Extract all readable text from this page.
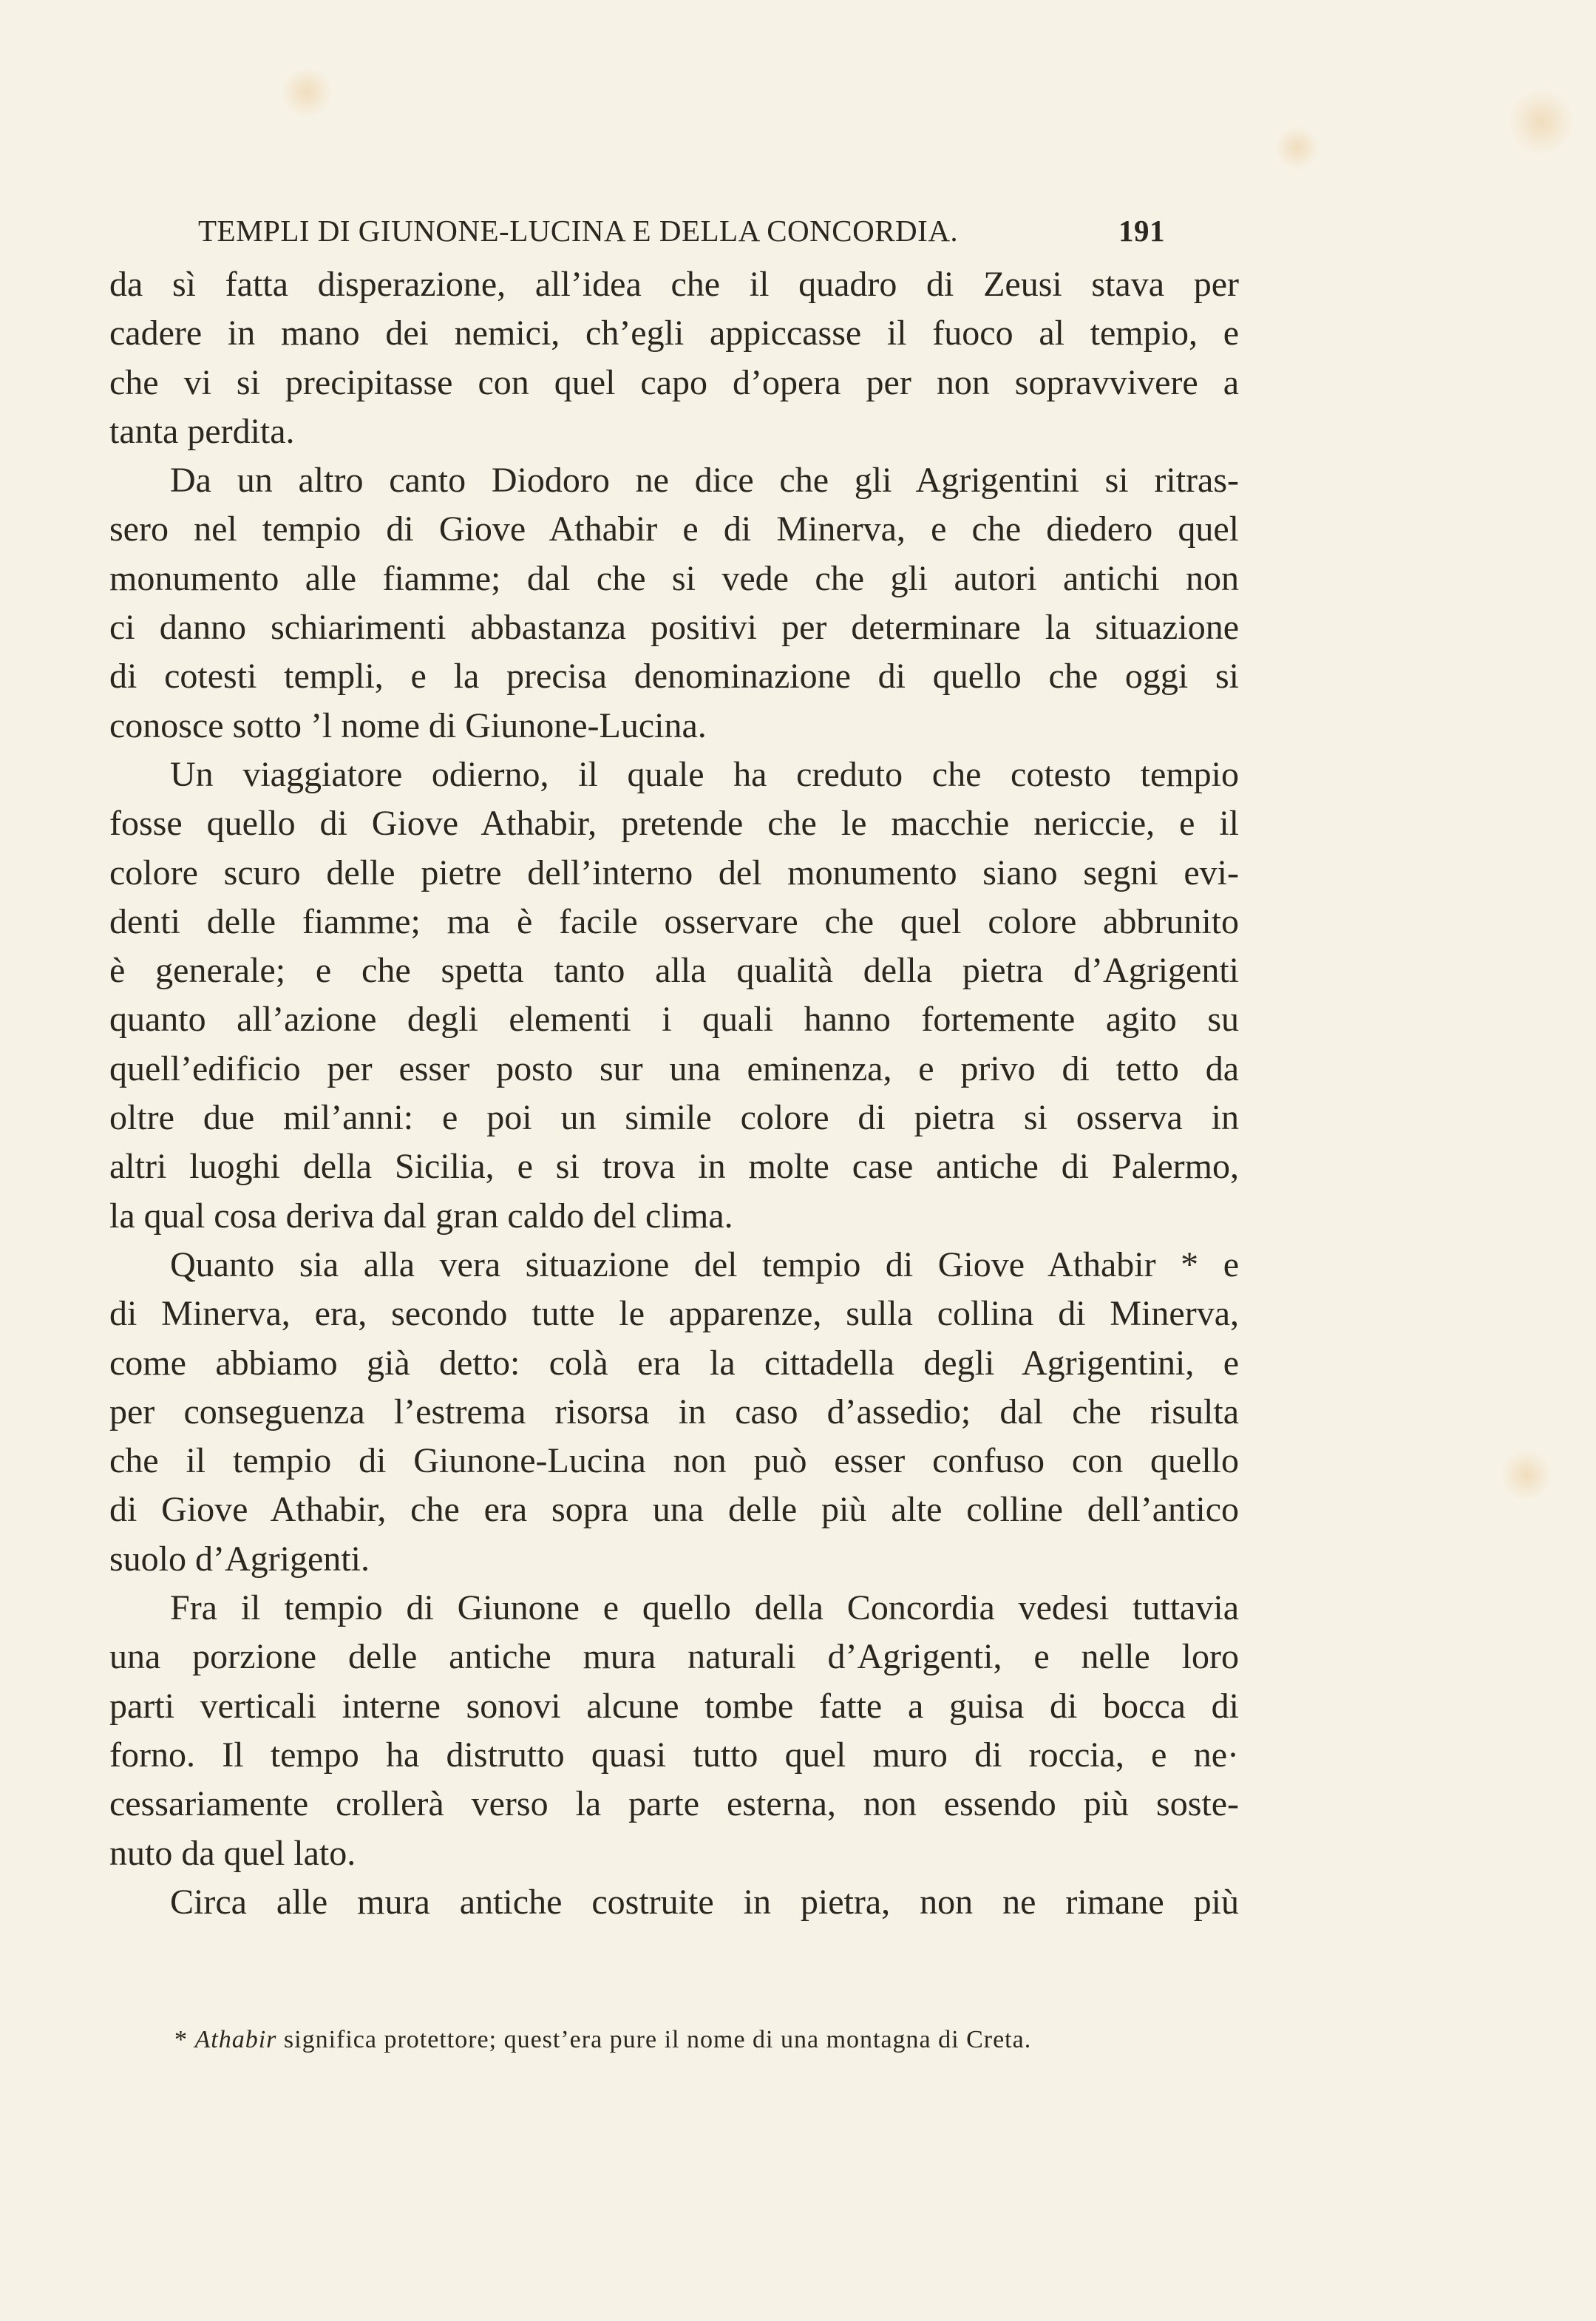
TEMPLI DI GIUNONE-LUCINA E DELLA CONCORDIA.	191
da sì fatta disperazione, all’idea che il quadro di Zeusi stava per
cadere in mano dei nemici, ch’egli appiccasse il fuoco al tempio, e
che vi si precipitasse con quel capo d’opera per non sopravvivere a
tanta perdita.
Da un altro canto Diodoro ne dice che gli Agrigentini si ritras-
sero nel tempio di Giove Athabir e di Minerva, e che diedero quel
monumento alle fiamme; dal che si vede che gli autori antichi non
ci danno schiarimenti abbastanza positivi per determinare la situazione
di cotesti templi, e la precisa denominazione di quello che oggi si
conosce sotto ’l nome di Giunone-Lucina.
Un viaggiatore odierno, il quale ha creduto che cotesto tempio
fosse quello di Giove Athabir, pretende che le macchie nericcie, e il
colore scuro delle pietre dell’interno del monumento siano segni evi-
denti delle fiamme; ma è facile osservare che quel colore abbrunito
è generale; e che spetta tanto alla qualità della pietra d’Agrigenti
quanto all’azione degli elementi i quali hanno fortemente agito su
quell’edificio per esser posto sur una eminenza, e privo di tetto da
oltre due mil’anni: e poi un simile colore di pietra si osserva in
altri luoghi della Sicilia, e si trova in molte case antiche di Palermo,
la qual cosa deriva dal gran caldo del clima.
Quanto sia alla vera situazione del tempio di Giove Athabir * e
di Minerva, era, secondo tutte le apparenze, sulla collina di Minerva,
come abbiamo già detto: colà era la cittadella degli Agrigentini, e
per conseguenza l’estrema risorsa in caso d’assedio; dal che risulta
che il tempio di Giunone-Lucina non può esser confuso con quello
di Giove Athabir, che era sopra una delle più alte colline dell’antico
suolo d’Agrigenti.
Fra il tempio di Giunone e quello della Concordia vedesi tuttavia
una porzione delle antiche mura naturali d’Agrigenti, e nelle loro
parti verticali interne sonovi alcune tombe fatte a guisa di bocca di
forno. Il tempo ha distrutto quasi tutto quel muro di roccia, e ne·
cessariamente crollerà verso la parte esterna, non essendo più soste-
nuto da quel lato.
Circa alle mura antiche costruite in pietra, non ne rimane più
* Athabir significa protettore; quest’era pure il nome di una montagna di Creta.
